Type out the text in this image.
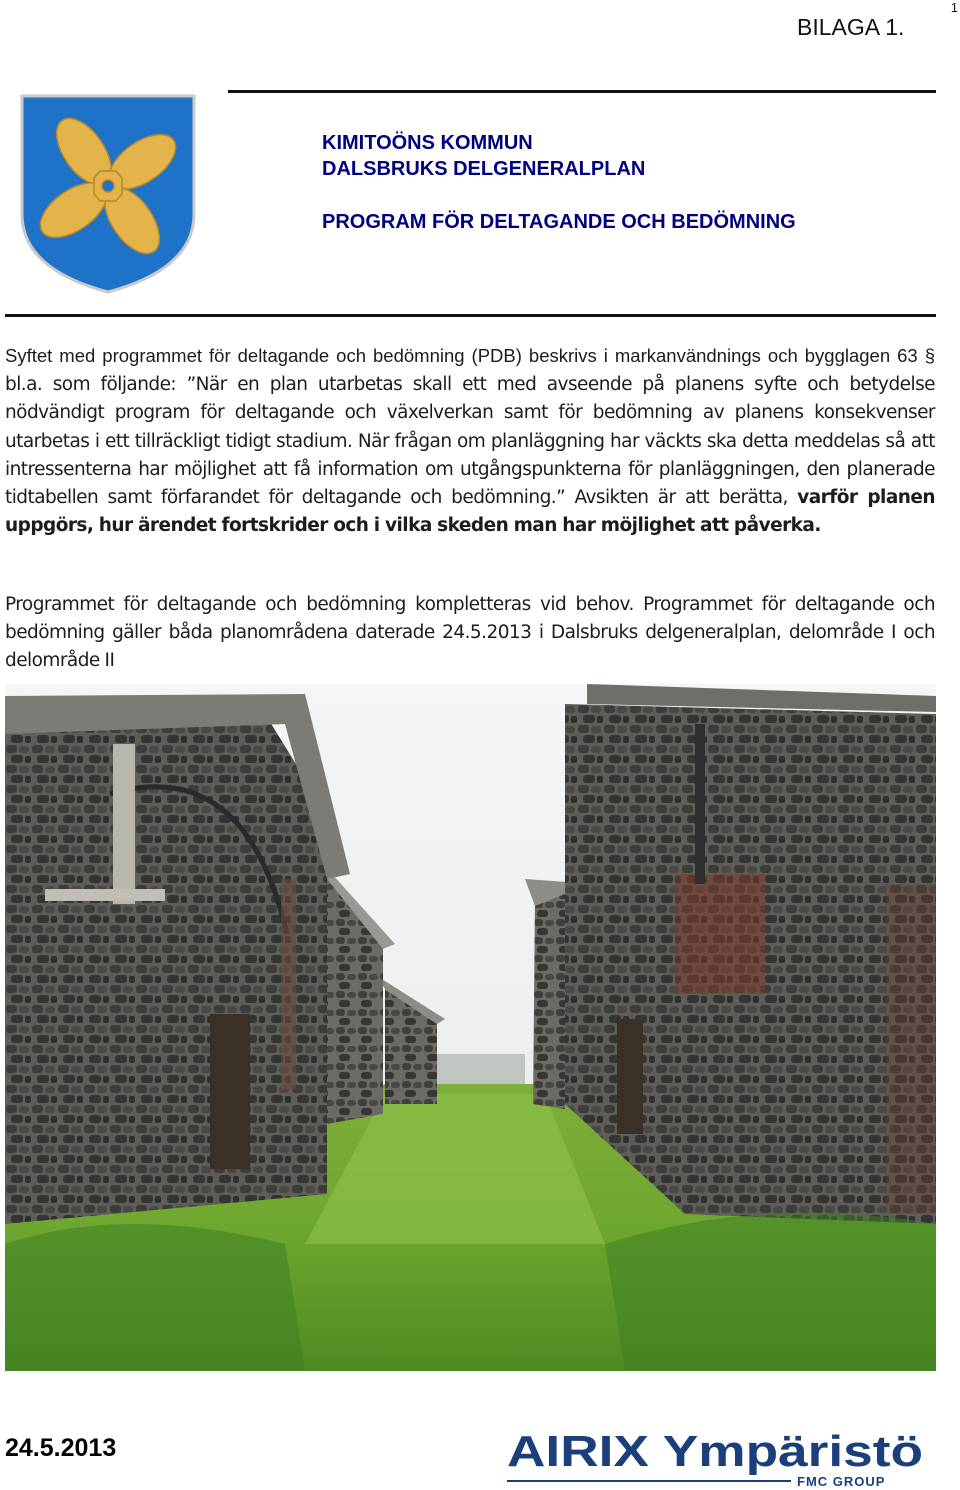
1
BILAGA 1.
KIMITOÖNS KOMMUN
DALSBRUKS DELGENERALPLAN
PROGRAM FÖR DELTAGANDE OCH BEDÖMNING
Syftet med programmet för deltagande och bedömning (PDB) beskrivs i markanvändnings och bygglagen 63 § bl.a. som följande: ”När en plan utarbetas skall ett med avseende på planens syfte och betydelse nödvändigt program för deltagande och växelverkan samt för bedömning av planens konsekvenser utarbetas i ett tillräckligt tidigt stadium. När frågan om planläggning har väckts ska detta meddelas så att intressenterna har möjlighet att få information om utgångspunkterna för planläggningen, den planerade tidtabellen samt förfarandet för deltagande och bedömning.” Avsikten är att berätta, varför planen uppgörs, hur ärendet fortskrider och i vilka skeden man har möjlighet att påverka.
Programmet för deltagande och bedömning kompletteras vid behov. Programmet för deltagande och bedömning gäller båda planområdena daterade 24.5.2013 i Dalsbruks delgeneralplan, delområde I och delområde II
24.5.2013	AIRIX Ympäristö
FMC GROUP
